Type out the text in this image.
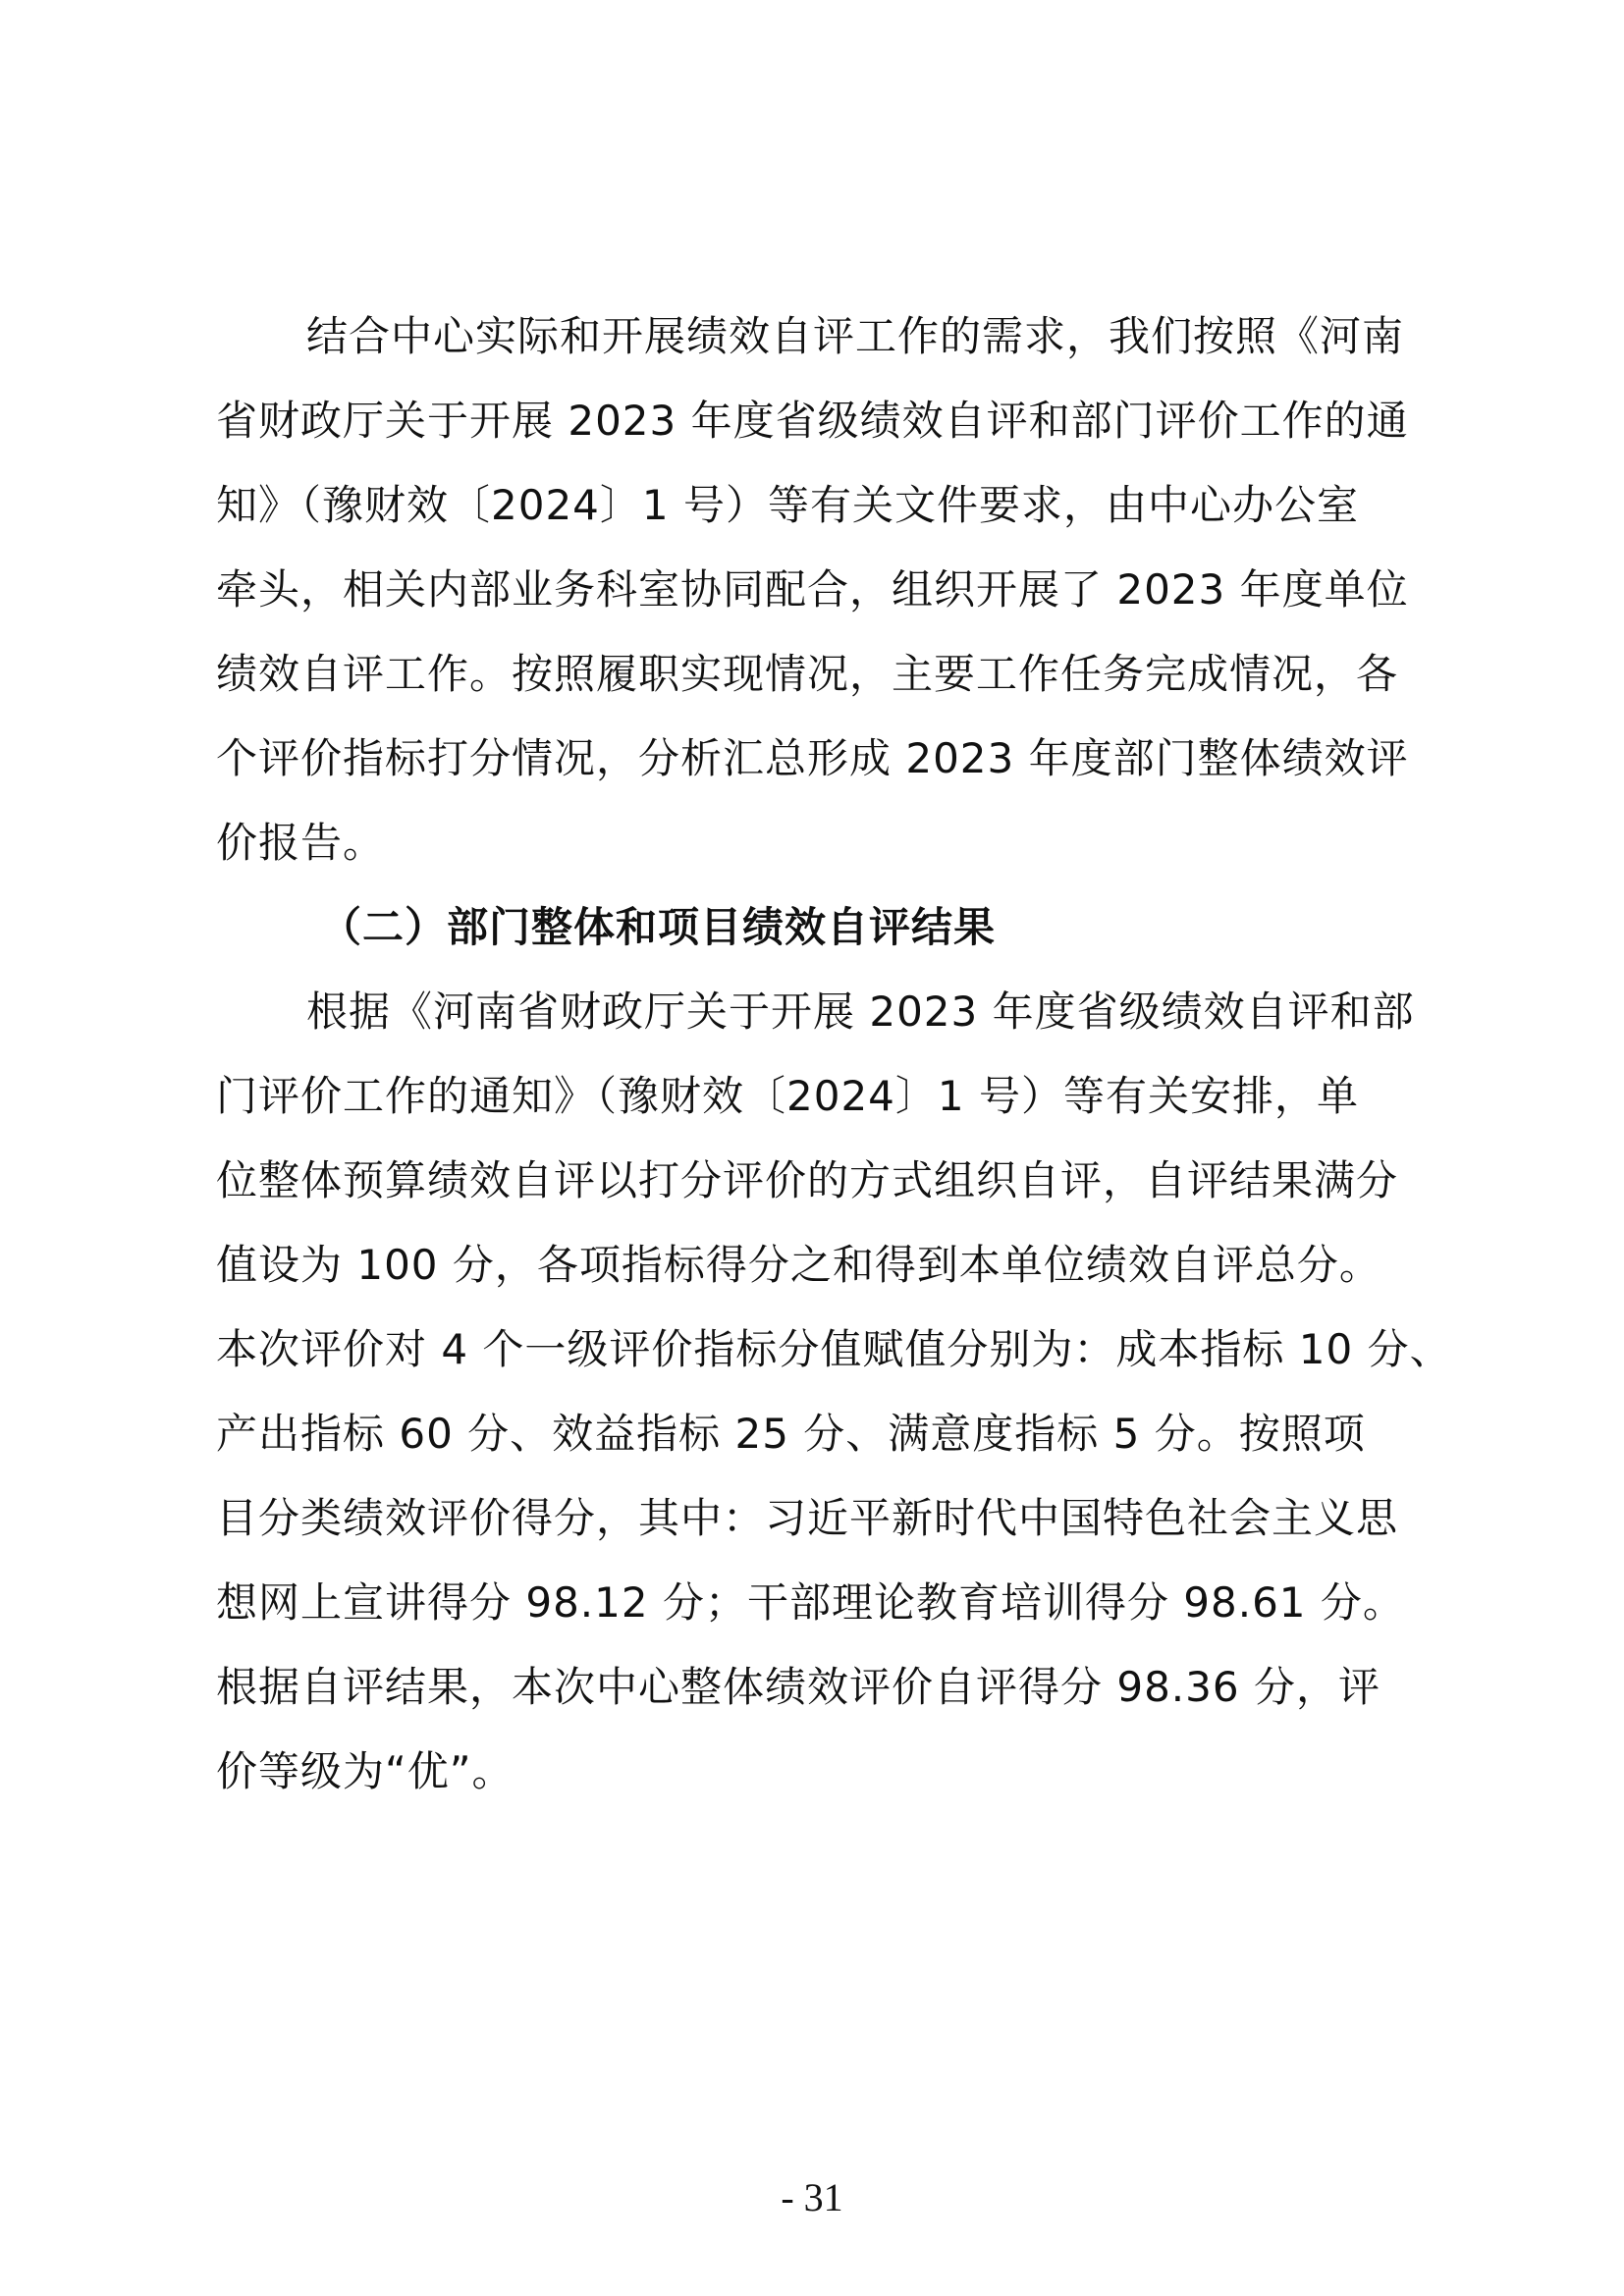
结合中心实际和开展绩效自评工作的需求，我们按照《河南
省财政厅关于开展 2023 年度省级绩效自评和部门评价工作的通
知》（豫财效〔2024〕1 号）等有关文件要求，由中心办公室
牵头，相关内部业务科室协同配合，组织开展了 2023 年度单位
绩效自评工作。按照履职实现情况，主要工作任务完成情况，各
个评价指标打分情况，分析汇总形成 2023 年度部门整体绩效评
价报告。
（二）部门整体和项目绩效自评结果
根据《河南省财政厅关于开展 2023 年度省级绩效自评和部
门评价工作的通知》（豫财效〔2024〕1 号）等有关安排，单
位整体预算绩效自评以打分评价的方式组织自评，自评结果满分
值设为 100 分，各项指标得分之和得到本单位绩效自评总分。
本次评价对 4 个一级评价指标分值赋值分别为：成本指标 10 分、
产出指标 60 分、效益指标 25 分、满意度指标 5 分。按照项
目分类绩效评价得分，其中：习近平新时代中国特色社会主义思
想网上宣讲得分 98.12 分；干部理论教育培训得分 98.61 分。
根据自评结果，本次中心整体绩效评价自评得分 98.36 分，评
价等级为“优”。
- 31
